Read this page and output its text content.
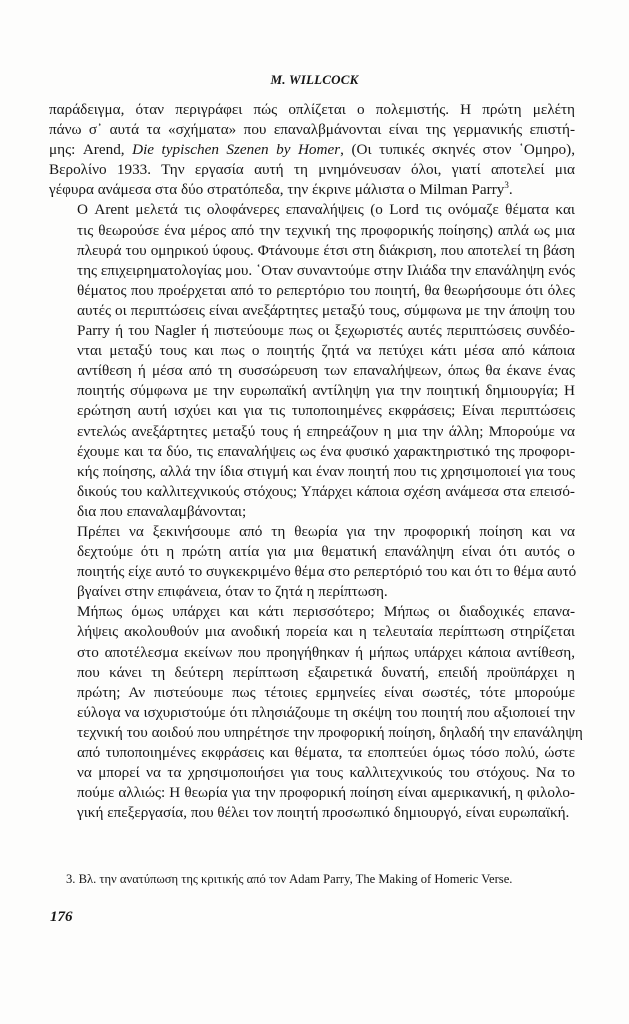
M. WILLCOCK

παράδειγμα, όταν περιγράφει πώς οπλίζεται ο πολεμιστής. Η πρώτη μελέτη
πάνω σ᾽ αυτά τα «σχήματα» που επαναλβμάνονται είναι της γερμανικής επιστή-
μης: Arend, Die typischen Szenen by Homer, (Οι τυπικές σκηνές στον ῾Ομηρο),
Βερολίνο 1933. Την εργασία αυτή τη μνημόνευσαν όλοι, γιατί αποτελεί μια
γέφυρα ανάμεσα στα δύο στρατόπεδα, την έκρινε μάλιστα ο Milman Parry$^3$.

Ο Arent μελετά τις ολοφάνερες επαναλήψεις (ο Lord τις ονόμαζε θέματα και
τις θεωρούσε ένα μέρος από την τεχνική της προφορικής ποίησης) απλά ως μια
πλευρά του ομηρικού ύφους. Φτάνουμε έτσι στη διάκριση, που αποτελεί τη βάση
της επιχειρηματολογίας μου. ῾Οταν συναντούμε στην Ιλιάδα την επανάληψη ενός
θέματος που προέρχεται από το ρεπερτόριο του ποιητή, θα θεωρήσουμε ότι όλες
αυτές οι περιπτώσεις είναι ανεξάρτητες μεταξύ τους, σύμφωνα με την άποψη του
Parry ή του Nagler ή πιστεύουμε πως οι ξεχωριστές αυτές περιπτώσεις συνδέο-
νται μεταξύ τους και πως ο ποιητής ζητά να πετύχει κάτι μέσα από κάποια
αντίθεση ή μέσα από τη συσσώρευση των επαναλήψεων, όπως θα έκανε ένας
ποιητής σύμφωνα με την ευρωπαϊκή αντίληψη για την ποιητική δημιουργία; Η
ερώτηση αυτή ισχύει και για τις τυποποιημένες εκφράσεις; Είναι περιπτώσεις
εντελώς ανεξάρτητες μεταξύ τους ή επηρεάζουν η μια την άλλη; Μπορούμε να
έχουμε και τα δύο, τις επαναλήψεις ως ένα φυσικό χαρακτηριστικό της προφορι-
κής ποίησης, αλλά την ίδια στιγμή και έναν ποιητή που τις χρησιμοποιεί για τους
δικούς του καλλιτεχνικούς στόχους; Υπάρχει κάποια σχέση ανάμεσα στα επεισό-
δια που επαναλαμβάνονται;

Πρέπει να ξεκινήσουμε από τη θεωρία για την προφορική ποίηση και να
δεχτούμε ότι η πρώτη αιτία για μια θεματική επανάληψη είναι ότι αυτός ο
ποιητής είχε αυτό το συγκεκριμένο θέμα στο ρεπερτόριό του και ότι το θέμα αυτό
βγαίνει στην επιφάνεια, όταν το ζητά η περίπτωση.

Μήπως όμως υπάρχει και κάτι περισσότερο; Μήπως οι διαδοχικές επανα-
λήψεις ακολουθούν μια ανοδική πορεία και η τελευταία περίπτωση στηρίζεται
στο αποτέλεσμα εκείνων που προηγήθηκαν ή μήπως υπάρχει κάποια αντίθεση,
που κάνει τη δεύτερη περίπτωση εξαιρετικά δυνατή, επειδή προϋπάρχει η
πρώτη; Αν πιστεύουμε πως τέτοιες ερμηνείες είναι σωστές, τότε μπορούμε
εύλογα να ισχυριστούμε ότι πλησιάζουμε τη σκέψη του ποιητή που αξιοποιεί την
τεχνική του αοιδού που υπηρέτησε την προφορική ποίηση, δηλαδή την επανάληψη
από τυποποιημένες εκφράσεις και θέματα, τα εποπτεύει όμως τόσο πολύ, ώστε
να μπορεί να τα χρησιμοποιήσει για τους καλλιτεχνικούς του στόχους. Να το
πούμε αλλιώς: Η θεωρία για την προφορική ποίηση είναι αμερικανική, η φιλολο-
γική επεξεργασία, που θέλει τον ποιητή προσωπικό δημιουργό, είναι ευρωπαϊκή.

3. Βλ. την ανατύπωση της κριτικής από τον Adam Parry, The Making of Homeric Verse.
176
